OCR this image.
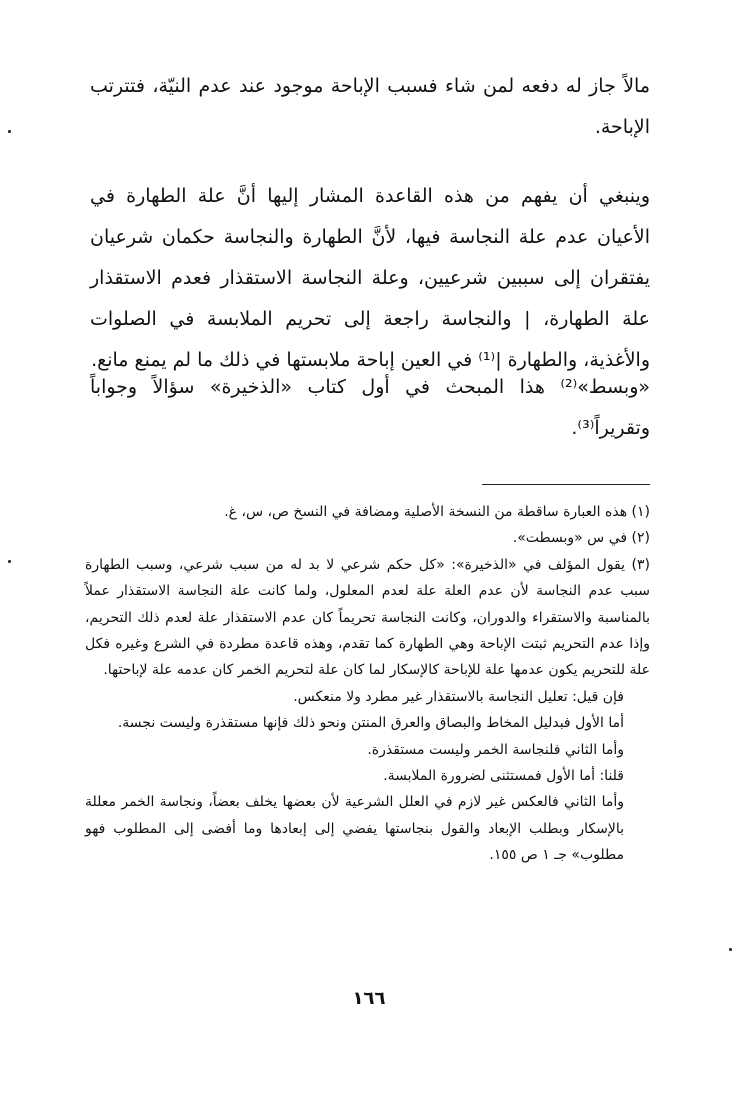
مالاً جاز له دفعه لمن شاء فسبب الإباحة موجود عند عدم النيّة، فتترتب الإباحة.

وينبغي أن يفهم من هذه القاعدة المشار إليها أنَّ علة الطهارة في الأعيان عدم علة النجاسة فيها، لأنَّ الطهارة والنجاسة حكمان شرعيان يفتقران إلى سببين شرعيين، وعلة النجاسة الاستقذار فعدم الاستقذار علة الطهارة، | والنجاسة راجعة إلى تحريم الملابسة في الصلوات والأغذية، والطهارة |⁽¹⁾ في العين إباحة ملابستها في ذلك ما لم يمنع مانع.

«وبسط»⁽²⁾ هذا المبحث في أول كتاب «الذخيرة» سؤالاً وجواباً وتقريراً⁽³⁾.

(١) هذه العبارة ساقطة من النسخة الأصلية ومضافة في النسخ ص، س، غ.

(٢) في س «وبسطت».

(٣) يقول المؤلف في «الذخيرة»: «كل حكم شرعي لا بد له من سبب شرعي، وسبب الطهارة سبب عدم النجاسة لأن عدم العلة علة لعدم المعلول، ولما كانت علة النجاسة الاستقذار عملاً بالمناسبة والاستقراء والدوران، وكانت النجاسة تحريماً كان عدم الاستقذار علة لعدم ذلك التحريم، وإذا عدم التحريم ثبتت الإباحة وهي الطهارة كما تقدم، وهذه قاعدة مطردة في الشرع وغيره فكل علة للتحريم يكون عدمها علة للإباحة كالإسكار لما كان علة لتحريم الخمر كان عدمه علة لإباحتها.

فإن قيل: تعليل النجاسة بالاستقذار غير مطرد ولا منعكس.

أما الأول فبدليل المخاط والبصاق والعرق المنتن ونحو ذلك فإنها مستقذرة وليست نجسة.

وأما الثاني فلنجاسة الخمر وليست مستقذرة.

قلنا: أما الأول فمستثنى لضرورة الملابسة.

وأما الثاني فالعكس غير لازم في العلل الشرعية لأن بعضها يخلف بعضاً، ونجاسة الخمر معللة بالإسكار وبطلب الإبعاد والقول بنجاستها يفضي إلى إبعادها وما أفضى إلى المطلوب فهو مطلوب» جـ ١ ص ١٥٥.

١٦٦
